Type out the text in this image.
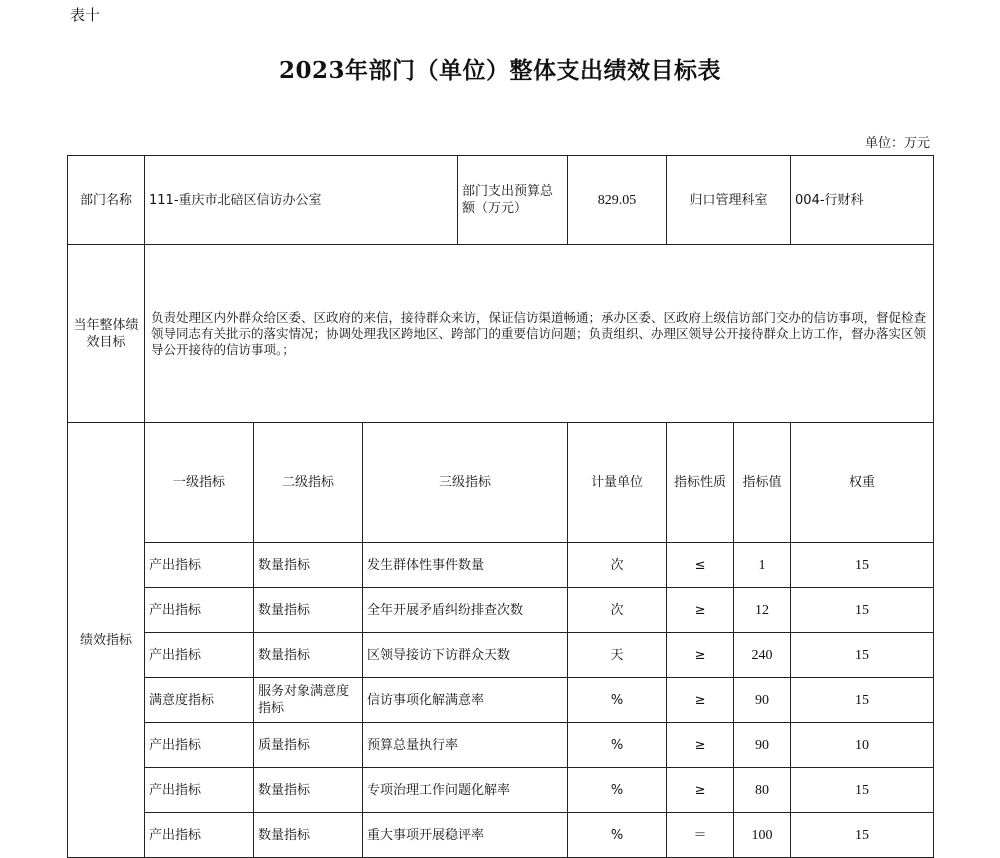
表十
2023年部门（单位）整体支出绩效目标表
单位：万元
部门名称	111-重庆市北碚区信访办公室			部门支出预算总额（万元）	829.05	归口管理科室		004-行财科	
当年整体绩效目标	负责处理区内外群众给区委、区政府的来信，接待群众来访，保证信访渠道畅通；承办区委、区政府上级信访部门交办的信访事项，督促检查领导同志有关批示的落实情况；协调处理我区跨地区、跨部门的重要信访问题；负责组织、办理区领导公开接待群众上访工作，督办落实区领导公开接待的信访事项。；								
绩效指标	一级指标	二级指标	三级指标		计量单位	指标性质	指标值	权重	
	产出指标	数量指标	发生群体性事件数量		次	≤	1	15	
	产出指标	数量指标	全年开展矛盾纠纷排查次数		次	≥	12	15	
	产出指标	数量指标	区领导接访下访群众天数		天	≥	240	15	
	满意度指标	服务对象满意度指标	信访事项化解满意率		%	≥	90	15	
	产出指标	质量指标	预算总量执行率		%	≥	90	10	
	产出指标	数量指标	专项治理工作问题化解率		%	≥	80	15	
	产出指标	数量指标	重大事项开展稳评率		%	＝	100	15	
